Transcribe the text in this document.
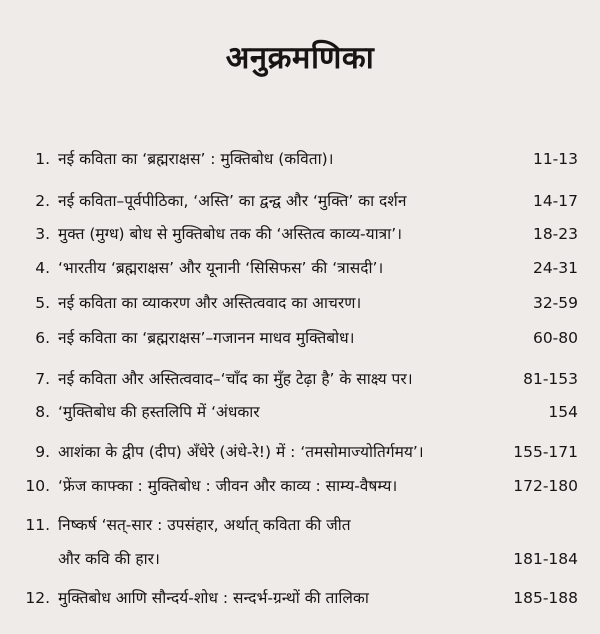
अनुक्रमणिका
1. नई कविता का ‘ब्रह्मराक्षस’ : मुक्तिबोध (कविता)।	11-13
2. नई कविता–पूर्वपीठिका, ‘अस्ति’ का द्वन्द्व और ‘मुक्ति’ का दर्शन	14-17
3. मुक्त (मुग्ध) बोध से मुक्तिबोध तक की ‘अस्तित्व काव्य-यात्रा’।	18-23
4. ‘भारतीय ‘ब्रह्मराक्षस’ और यूनानी ‘सिसिफस’ की ‘त्रासदी’।	24-31
5. नई कविता का व्याकरण और अस्तित्ववाद का आचरण।	32-59
6. नई कविता का ‘ब्रह्मराक्षस’–गजानन माधव मुक्तिबोध।	60-80
7. नई कविता और अस्तित्ववाद–‘चाँद का मुँह टेढ़ा है’ के साक्ष्य पर।	81-153
8. ‘मुक्तिबोध की हस्तलिपि में ‘अंधकार	154
9. आशंका के द्वीप (दीप) अँधेरे (अंधे-रे!) में : ‘तमसोमाज्योतिर्गमय’।	155-171
10. ‘फ्रेंज काफ्का : मुक्तिबोध : जीवन और काव्य : साम्य-वैषम्य।	172-180
11. निष्कर्ष ‘सत्-सार : उपसंहार, अर्थात् कविता की जीत
और कवि की हार।	181-184
12. मुक्तिबोध आणि सौन्दर्य-शोध : सन्दर्भ-ग्रन्थों की तालिका	185-188
